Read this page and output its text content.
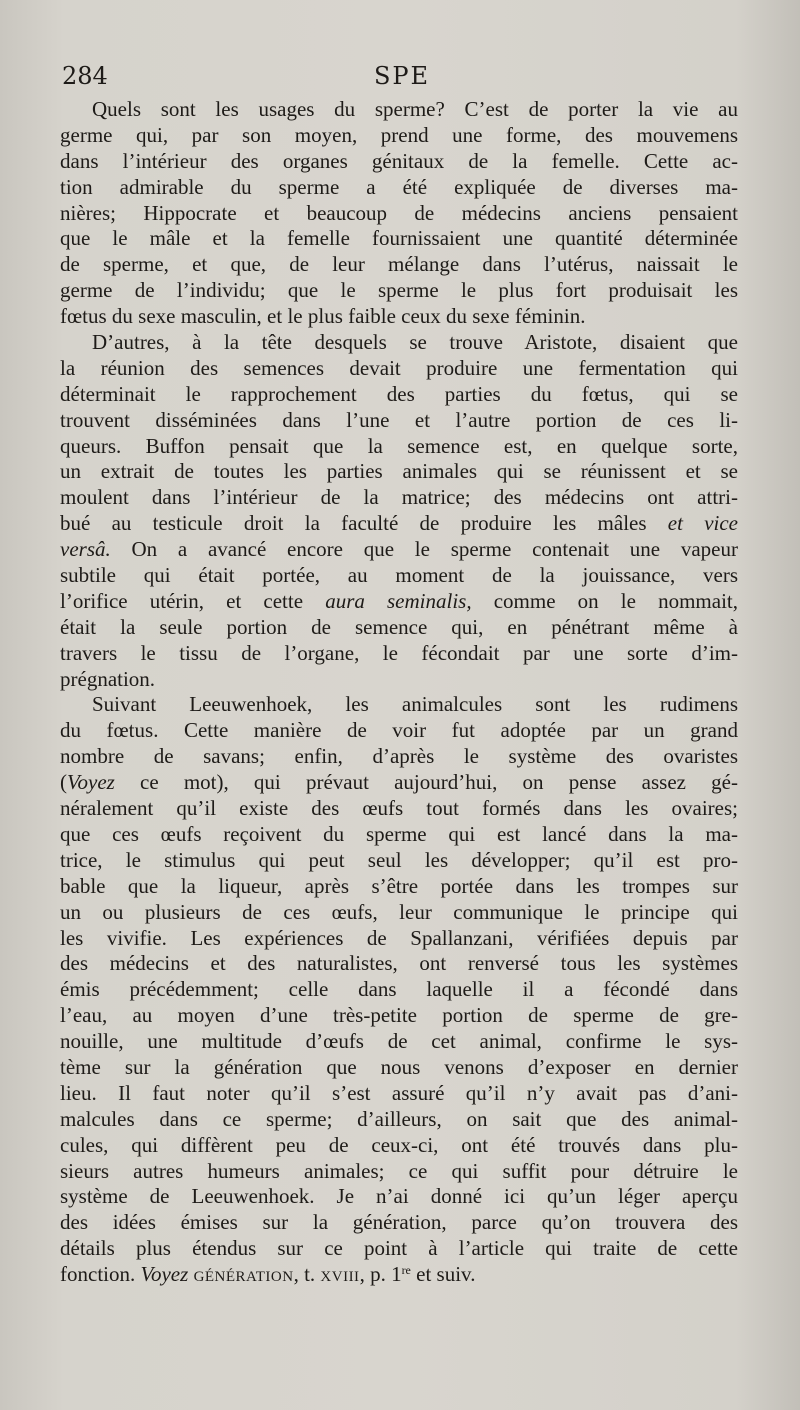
284	SPE
Quels sont les usages du sperme? C’est de porter la vie au
germe qui, par son moyen, prend une forme, des mouvemens
dans l’intérieur des organes génitaux de la femelle. Cette ac-
tion admirable du sperme a été expliquée de diverses ma-
nières; Hippocrate et beaucoup de médecins anciens pensaient
que le mâle et la femelle fournissaient une quantité déterminée
de sperme, et que, de leur mélange dans l’utérus, naissait le
germe de l’individu; que le sperme le plus fort produisait les
fœtus du sexe masculin, et le plus faible ceux du sexe féminin.
D’autres, à la tête desquels se trouve Aristote, disaient que
la réunion des semences devait produire une fermentation qui
déterminait le rapprochement des parties du fœtus, qui se
trouvent disséminées dans l’une et l’autre portion de ces li-
queurs. Buffon pensait que la semence est, en quelque sorte,
un extrait de toutes les parties animales qui se réunissent et se
moulent dans l’intérieur de la matrice; des médecins ont attri-
bué au testicule droit la faculté de produire les mâles et vice
versâ. On a avancé encore que le sperme contenait une vapeur
subtile qui était portée, au moment de la jouissance, vers
l’orifice utérin, et cette aura seminalis, comme on le nommait,
était la seule portion de semence qui, en pénétrant même à
travers le tissu de l’organe, le fécondait par une sorte d’im-
prégnation.
Suivant Leeuwenhoek, les animalcules sont les rudimens
du fœtus. Cette manière de voir fut adoptée par un grand
nombre de savans; enfin, d’après le système des ovaristes
(Voyez ce mot), qui prévaut aujourd’hui, on pense assez gé-
néralement qu’il existe des œufs tout formés dans les ovaires;
que ces œufs reçoivent du sperme qui est lancé dans la ma-
trice, le stimulus qui peut seul les développer; qu’il est pro-
bable que la liqueur, après s’être portée dans les trompes sur
un ou plusieurs de ces œufs, leur communique le principe qui
les vivifie. Les expériences de Spallanzani, vérifiées depuis par
des médecins et des naturalistes, ont renversé tous les systèmes
émis précédemment; celle dans laquelle il a fécondé dans
l’eau, au moyen d’une très-petite portion de sperme de gre-
nouille, une multitude d’œufs de cet animal, confirme le sys-
tème sur la génération que nous venons d’exposer en dernier
lieu. Il faut noter qu’il s’est assuré qu’il n’y avait pas d’ani-
malcules dans ce sperme; d’ailleurs, on sait que des animal-
cules, qui diffèrent peu de ceux-ci, ont été trouvés dans plu-
sieurs autres humeurs animales; ce qui suffit pour détruire le
système de Leeuwenhoek. Je n’ai donné ici qu’un léger aperçu
des idées émises sur la génération, parce qu’on trouvera des
détails plus étendus sur ce point à l’article qui traite de cette
fonction. Voyez génération, t. xviii, p. 1re et suiv.
